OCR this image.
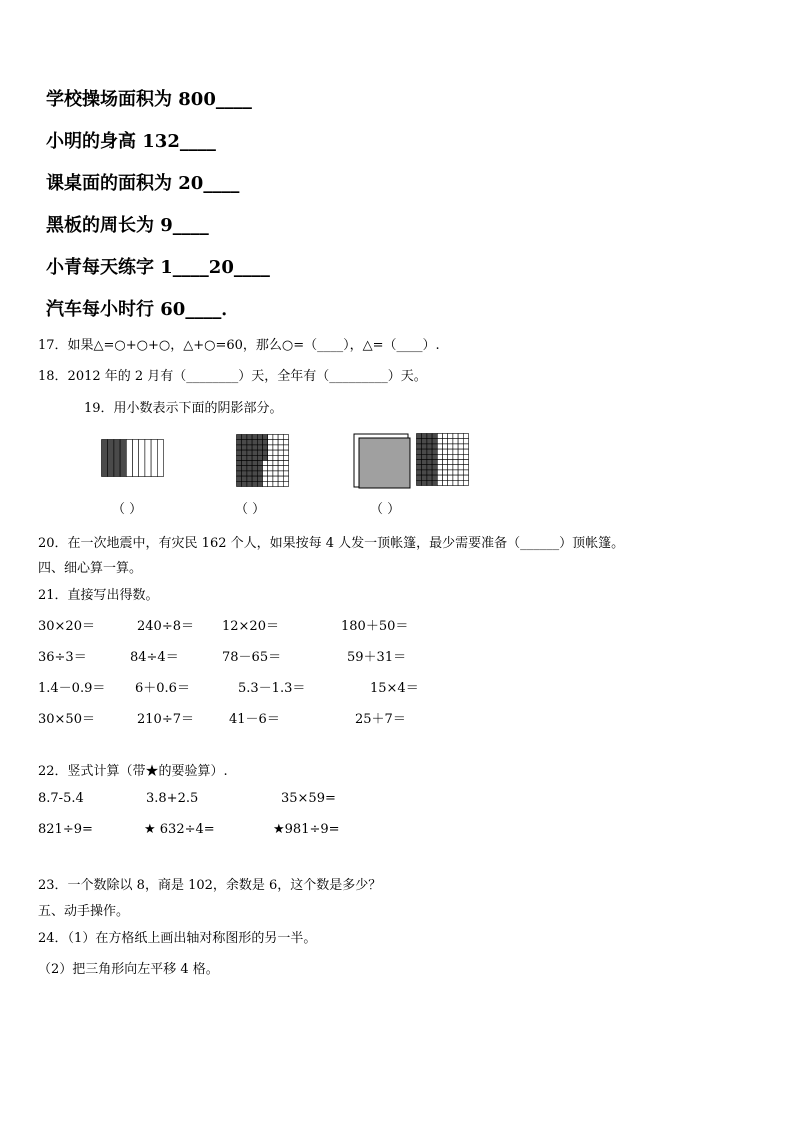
学校操场面积为 800____
小明的身高 132____
课桌面的面积为 20____
黑板的周长为 9____
小青每天练字 1____20____
汽车每小时行 60____．
17．如果△=○+○+○，△+○=60，那么○=（____），△=（____）.
18．2012 年的 2 月有（________）天，全年有（_________）天。
19．用小数表示下面的阴影部分。
（ ）	（ ）	（ ）
20．在一次地震中，有灾民 162 个人，如果按每 4 人发一顶帐篷，最少需要准备（______）顶帐篷。
四、细心算一算。
21．直接写出得数。
30×20＝	240÷8＝ 12×20＝	180＋50＝
36÷3＝	84÷4＝	78－65＝	59＋31＝
1.4－0.9＝ 6＋0.6＝	5.3－1.3＝	15×4＝
30×50＝	210÷7＝	41－6＝	25＋7＝
22．竖式计算（带★的要验算）.
8.7-5.4	3.8+2.5	35×59=
821÷9=	★ 632÷4=	★981÷9=
23．一个数除以 8，商是 102，余数是 6，这个数是多少？
五、动手操作。
24．（1）在方格纸上画出轴对称图形的另一半。
（2）把三角形向左平移 4 格。
